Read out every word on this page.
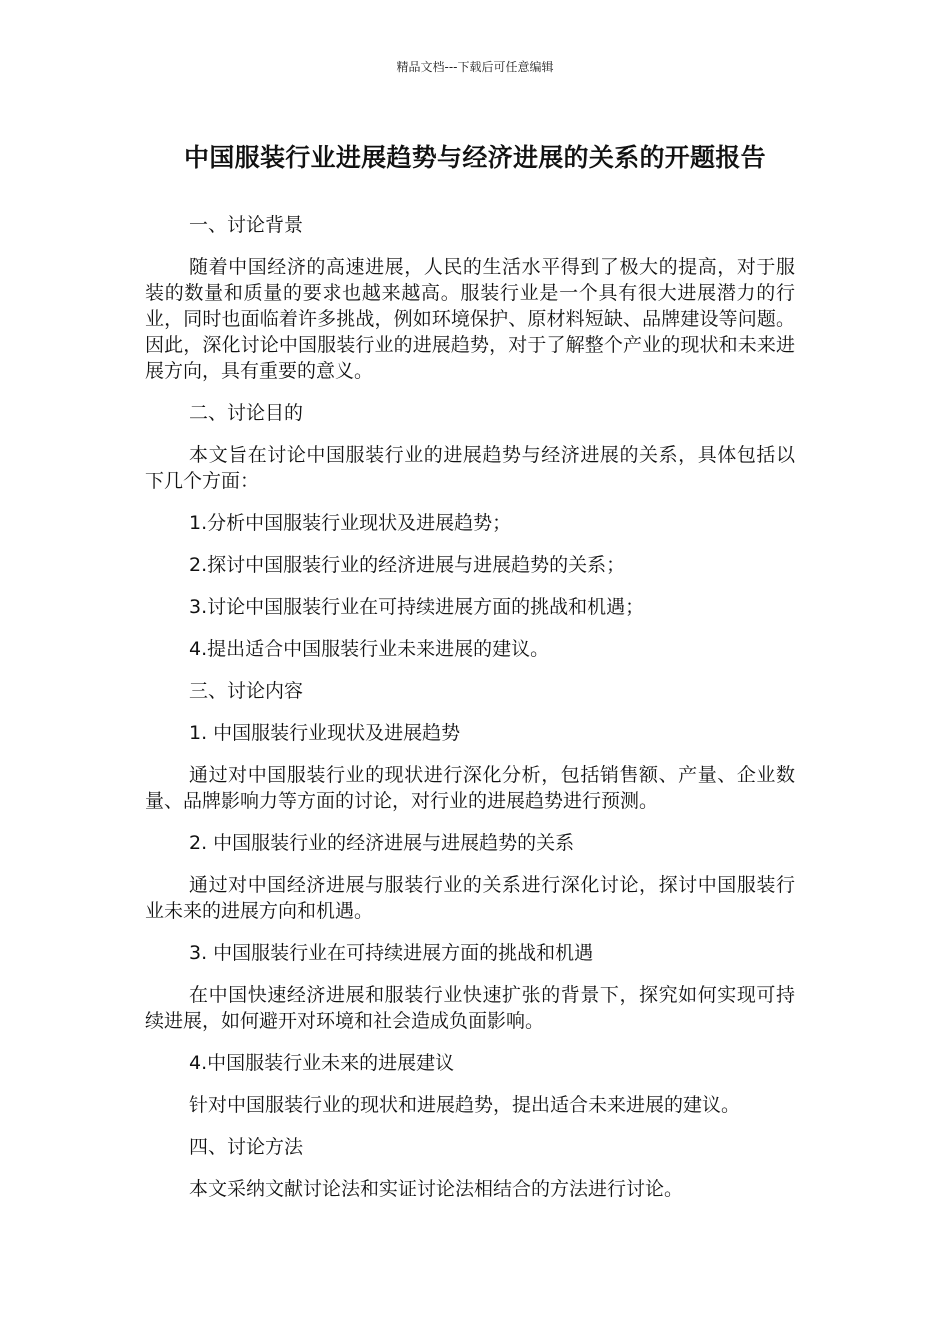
精品文档---下载后可任意编辑
中国服装行业进展趋势与经济进展的关系的开题报告

一、讨论背景

随着中国经济的高速进展，人民的生活水平得到了极大的提高，对于服装的数量和质量的要求也越来越高。服装行业是一个具有很大进展潜力的行业，同时也面临着许多挑战，例如环境保护、原材料短缺、品牌建设等问题。因此，深化讨论中国服装行业的进展趋势，对于了解整个产业的现状和未来进展方向，具有重要的意义。

二、讨论目的

本文旨在讨论中国服装行业的进展趋势与经济进展的关系，具体包括以下几个方面：

1.分析中国服装行业现状及进展趋势；

2.探讨中国服装行业的经济进展与进展趋势的关系；

3.讨论中国服装行业在可持续进展方面的挑战和机遇；

4.提出适合中国服装行业未来进展的建议。

三、讨论内容

1. 中国服装行业现状及进展趋势

通过对中国服装行业的现状进行深化分析，包括销售额、产量、企业数量、品牌影响力等方面的讨论，对行业的进展趋势进行预测。

2. 中国服装行业的经济进展与进展趋势的关系

通过对中国经济进展与服装行业的关系进行深化讨论，探讨中国服装行业未来的进展方向和机遇。

3. 中国服装行业在可持续进展方面的挑战和机遇

在中国快速经济进展和服装行业快速扩张的背景下，探究如何实现可持续进展，如何避开对环境和社会造成负面影响。

4.中国服装行业未来的进展建议

针对中国服装行业的现状和进展趋势，提出适合未来进展的建议。

四、讨论方法

本文采纳文献讨论法和实证讨论法相结合的方法进行讨论。
